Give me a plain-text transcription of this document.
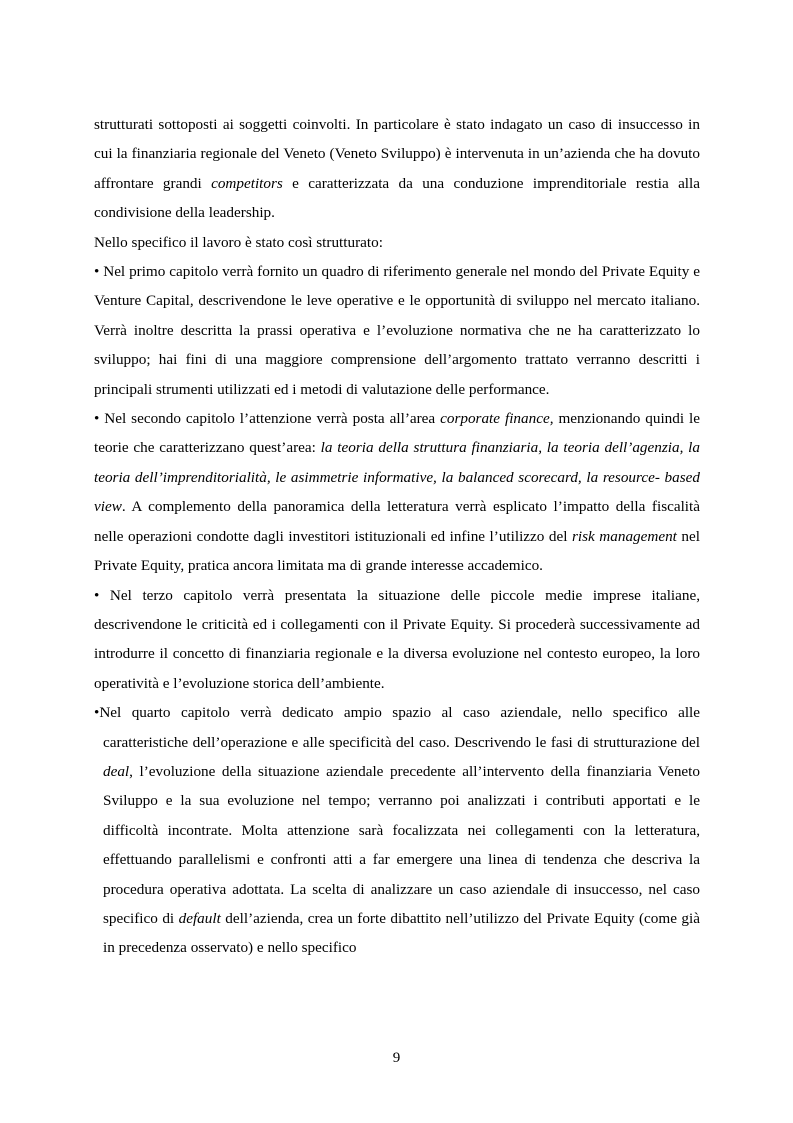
strutturati sottoposti ai soggetti coinvolti. In particolare è stato indagato un caso di insuccesso in cui la finanziaria regionale del Veneto (Veneto Sviluppo) è intervenuta in un’azienda che ha dovuto affrontare grandi competitors e caratterizzata da una conduzione imprenditoriale restia alla condivisione della leadership.

Nello specifico il lavoro è stato così strutturato:

• Nel primo capitolo verrà fornito un quadro di riferimento generale nel mondo del Private Equity e Venture Capital, descrivendone le leve operative e le opportunità di sviluppo nel mercato italiano. Verrà inoltre descritta la prassi operativa e l’evoluzione normativa che ne ha caratterizzato lo sviluppo; hai fini di una maggiore comprensione dell’argomento trattato verranno descritti i principali strumenti utilizzati ed i metodi di valutazione delle performance.

• Nel secondo capitolo l’attenzione verrà posta all’area corporate finance, menzionando quindi le teorie che caratterizzano quest’area: la teoria della struttura finanziaria, la teoria dell’agenzia, la teoria dell’imprenditorialità, le asimmetrie informative, la balanced scorecard, la resource- based view. A complemento della panoramica della letteratura verrà esplicato l’impatto della fiscalità nelle operazioni condotte dagli investitori istituzionali ed infine l’utilizzo del risk management nel Private Equity, pratica ancora limitata ma di grande interesse accademico.

• Nel terzo capitolo verrà presentata la situazione delle piccole medie imprese italiane, descrivendone le criticità ed i collegamenti con il Private Equity. Si procederà successivamente ad introdurre il concetto di finanziaria regionale e la diversa evoluzione nel contesto europeo, la loro operatività e l’evoluzione storica dell’ambiente.

•Nel quarto capitolo verrà dedicato ampio spazio al caso aziendale, nello specifico alle caratteristiche dell’operazione e alle specificità del caso. Descrivendo le fasi di strutturazione del deal, l’evoluzione della situazione aziendale precedente all’intervento della finanziaria Veneto Sviluppo e la sua evoluzione nel tempo; verranno poi analizzati i contributi apportati e le difficoltà incontrate. Molta attenzione sarà focalizzata nei collegamenti con la letteratura, effettuando parallelismi e confronti atti a far emergere una linea di tendenza che descriva la procedura operativa adottata. La scelta di analizzare un caso aziendale di insuccesso, nel caso specifico di default dell’azienda, crea un forte dibattito nell’utilizzo del Private Equity (come già in precedenza osservato) e nello specifico

9
